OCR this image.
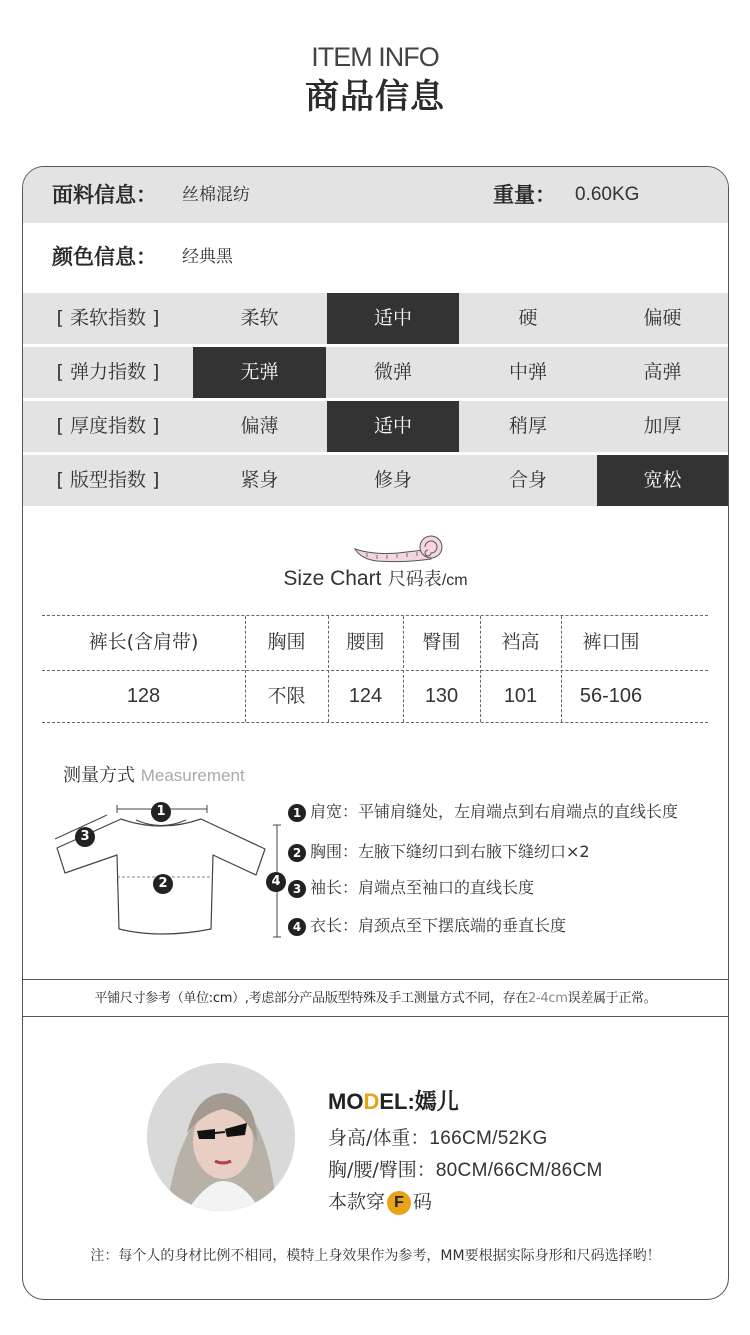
ITEM INFO
商品信息
面料信息： 丝棉混纺	重量： 0.60KG
颜色信息： 经典黑
[ 柔软指数 ]	柔软	适中	硬	偏硬
[ 弹力指数 ]	无弹	微弹	中弹	高弹
[ 厚度指数 ]	偏薄	适中	稍厚	加厚
[ 版型指数 ]	紧身	修身	合身	宽松
Size Chart 尺码表/cm
裤长(含肩带)	胸围	腰围	臀围	裆高	裤口围
128	不限	124	130	101	56-106
测量方式 Measurement
1
2
3
4
1 肩宽：平铺肩缝处，左肩端点到右肩端点的直线长度
2 胸围：左腋下缝纫口到右腋下缝纫口×2
3 袖长：肩端点至袖口的直线长度
4 衣长：肩颈点至下摆底端的垂直长度
平铺尺寸参考（单位:cm）,考虑部分产品版型特殊及手工测量方式不同，存在2-4cm误差属于正常。
MODEL:嫣儿
身高/体重：166CM/52KG
胸/腰/臀围：80CM/66CM/86CM
本款穿 F 码
注：每个人的身材比例不相同，模特上身效果作为参考，MM要根据实际身形和尺码选择哟！
